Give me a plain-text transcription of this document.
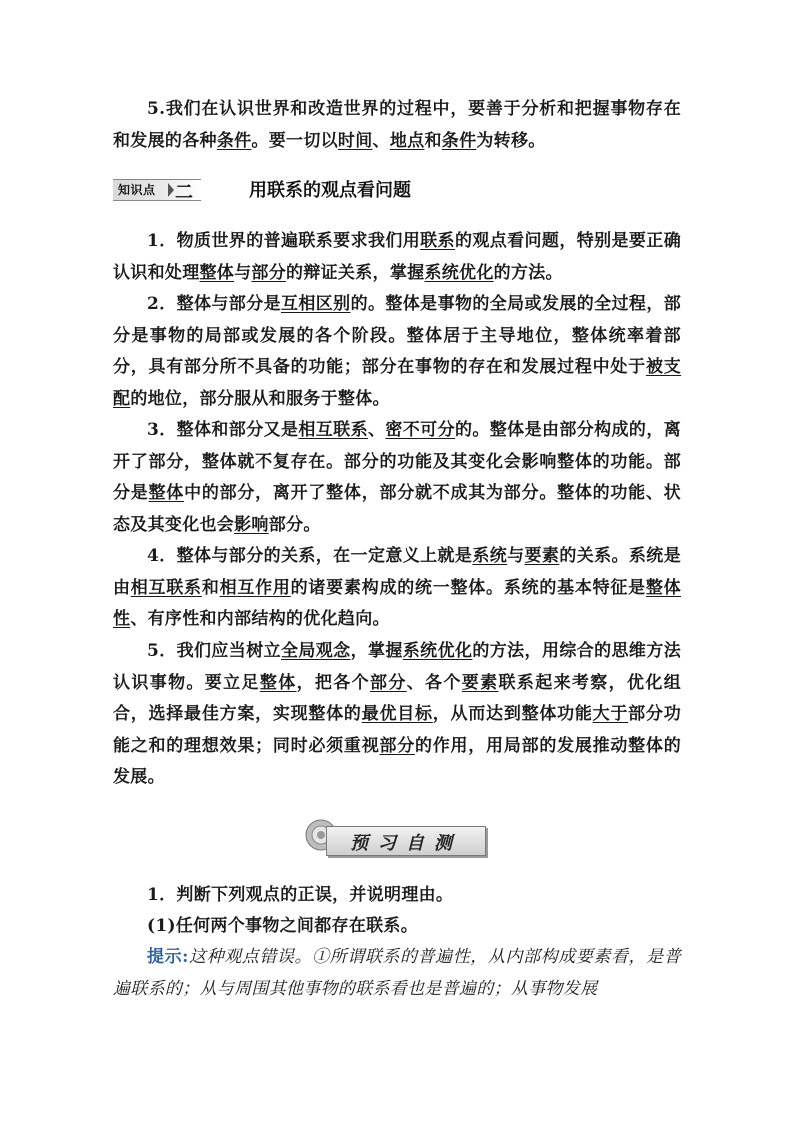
5.我们在认识世界和改造世界的过程中，要善于分析和把握事物存在和发展的各种条件。要一切以时间、地点和条件为转移。

知识点 二	用联系的观点看问题

1．物质世界的普遍联系要求我们用联系的观点看问题，特别是要正确认识和处理整体与部分的辩证关系，掌握系统优化的方法。

2．整体与部分是互相区别的。整体是事物的全局或发展的全过程，部分是事物的局部或发展的各个阶段。整体居于主导地位，整体统率着部分，具有部分所不具备的功能；部分在事物的存在和发展过程中处于被支配的地位，部分服从和服务于整体。

3．整体和部分又是相互联系、密不可分的。整体是由部分构成的，离开了部分，整体就不复存在。部分的功能及其变化会影响整体的功能。部分是整体中的部分，离开了整体，部分就不成其为部分。整体的功能、状态及其变化也会影响部分。

4．整体与部分的关系，在一定意义上就是系统与要素的关系。系统是由相互联系和相互作用的诸要素构成的统一整体。系统的基本特征是整体性、有序性和内部结构的优化趋向。

5．我们应当树立全局观念，掌握系统优化的方法，用综合的思维方法认识事物。要立足整体，把各个部分、各个要素联系起来考察，优化组合，选择最佳方案，实现整体的最优目标，从而达到整体功能大于部分功能之和的理想效果；同时必须重视部分的作用，用局部的发展推动整体的发展。

预习自测

1．判断下列观点的正误，并说明理由。

(1)任何两个事物之间都存在联系。

提示:这种观点错误。①所谓联系的普遍性，从内部构成要素看，是普遍联系的；从与周围其他事物的联系看也是普遍的；从事物发展
